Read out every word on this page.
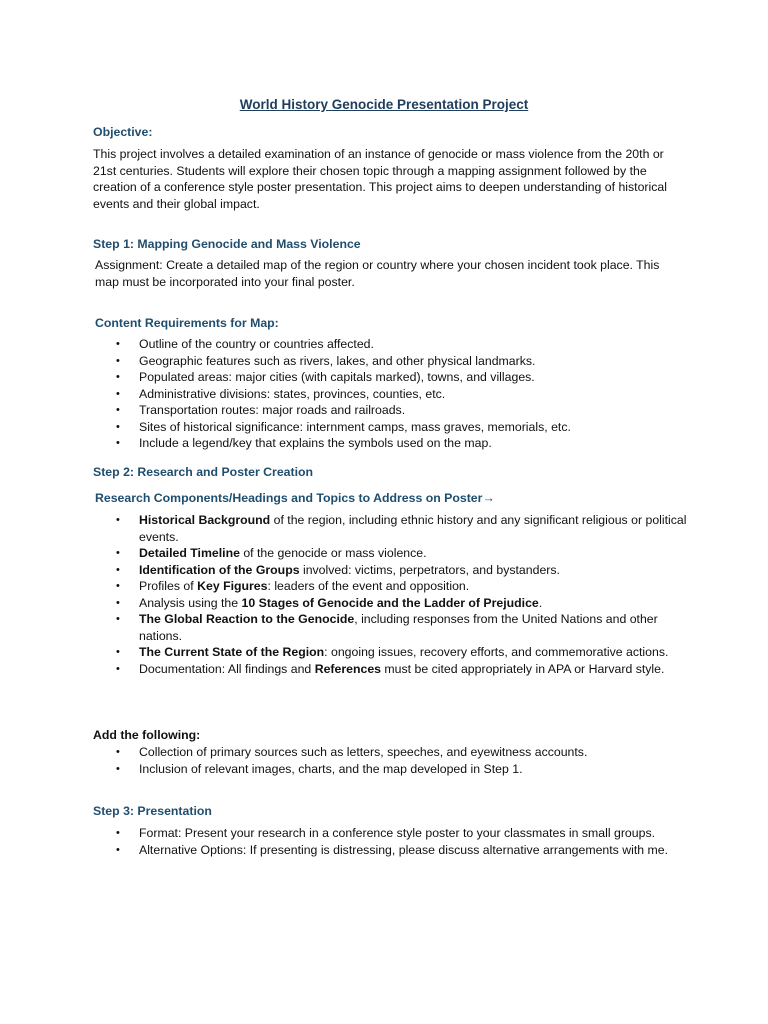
World History Genocide Presentation Project
Objective:
This project involves a detailed examination of an instance of genocide or mass violence from the 20th or 21st centuries. Students will explore their chosen topic through a mapping assignment followed by the creation of a conference style poster presentation. This project aims to deepen understanding of historical events and their global impact.
Step 1: Mapping Genocide and Mass Violence
Assignment: Create a detailed map of the region or country where your chosen incident took place. This map must be incorporated into your final poster.
Content Requirements for Map:
• Outline of the country or countries affected.
• Geographic features such as rivers, lakes, and other physical landmarks.
• Populated areas: major cities (with capitals marked), towns, and villages.
• Administrative divisions: states, provinces, counties, etc.
• Transportation routes: major roads and railroads.
• Sites of historical significance: internment camps, mass graves, memorials, etc.
• Include a legend/key that explains the symbols used on the map.
Step 2: Research and Poster Creation
Research Components/Headings and Topics to Address on Poster→
• Historical Background of the region, including ethnic history and any significant religious or political events.
• Detailed Timeline of the genocide or mass violence.
• Identification of the Groups involved: victims, perpetrators, and bystanders.
• Profiles of Key Figures: leaders of the event and opposition.
• Analysis using the 10 Stages of Genocide and the Ladder of Prejudice.
• The Global Reaction to the Genocide, including responses from the United Nations and other nations.
• The Current State of the Region: ongoing issues, recovery efforts, and commemorative actions.
• Documentation: All findings and References must be cited appropriately in APA or Harvard style.
Add the following:
• Collection of primary sources such as letters, speeches, and eyewitness accounts.
• Inclusion of relevant images, charts, and the map developed in Step 1.
Step 3: Presentation
• Format: Present your research in a conference style poster to your classmates in small groups.
• Alternative Options: If presenting is distressing, please discuss alternative arrangements with me.
